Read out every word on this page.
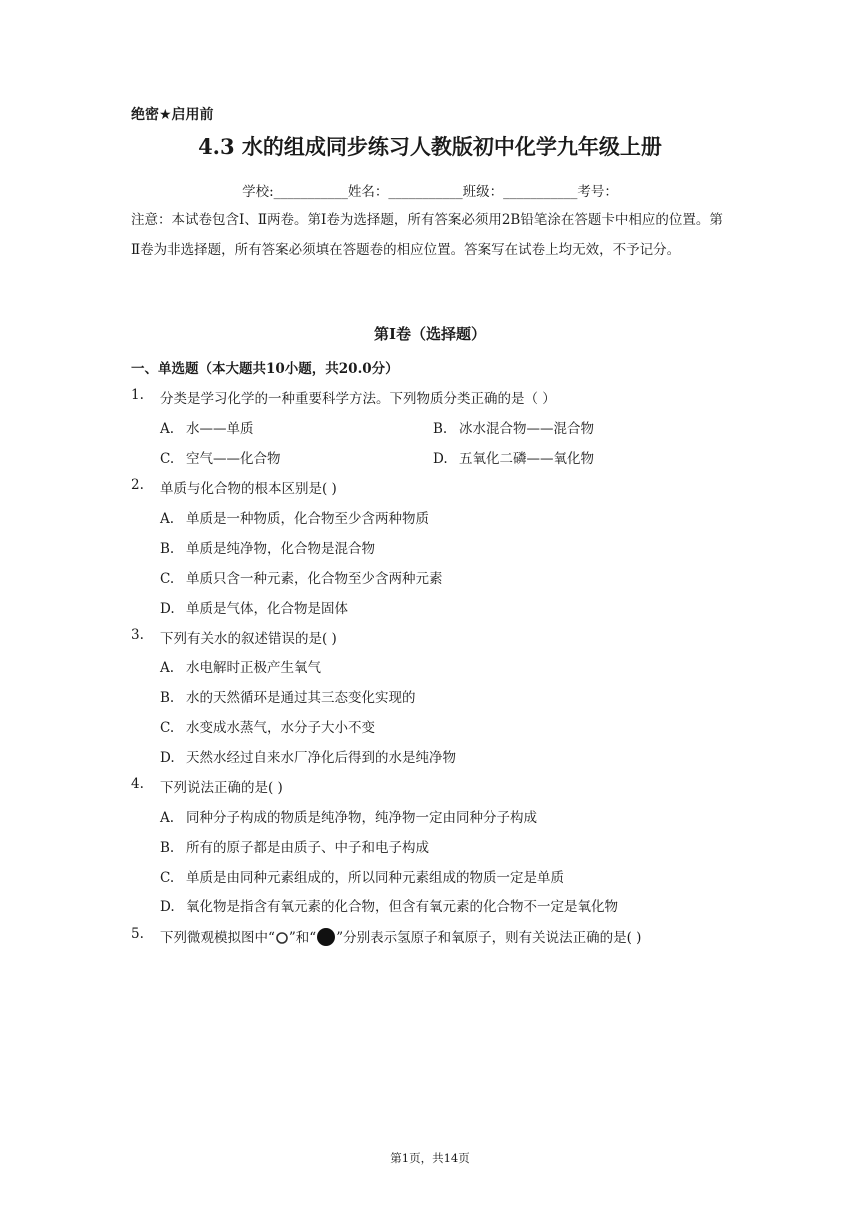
绝密★启用前
4.3 水的组成同步练习人教版初中化学九年级上册
学校:___________姓名：___________班级：___________考号：
注意：本试卷包含Ⅰ、Ⅱ两卷。第Ⅰ卷为选择题，所有答案必须用2B铅笔涂在答题卡中相应的位置。第Ⅱ卷为非选择题，所有答案必须填在答题卷的相应位置。答案写在试卷上均无效，不予记分。
第I卷（选择题）
一、单选题（本大题共10小题，共20.0分）
1. 分类是学习化学的一种重要科学方法。下列物质分类正确的是（ ）
A. 水——单质	B. 冰水混合物——混合物
C. 空气——化合物	D. 五氧化二磷——氧化物
2. 单质与化合物的根本区别是( )
A. 单质是一种物质，化合物至少含两种物质
B. 单质是纯净物，化合物是混合物
C. 单质只含一种元素，化合物至少含两种元素
D. 单质是气体，化合物是固体
3. 下列有关水的叙述错误的是( )
A. 水电解时正极产生氧气
B. 水的天然循环是通过其三态变化实现的
C. 水变成水蒸气，水分子大小不变
D. 天然水经过自来水厂净化后得到的水是纯净物
4. 下列说法正确的是( )
A. 同种分子构成的物质是纯净物，纯净物一定由同种分子构成
B. 所有的原子都是由质子、中子和电子构成
C. 单质是由同种元素组成的，所以同种元素组成的物质一定是单质
D. 氧化物是指含有氧元素的化合物，但含有氧元素的化合物不一定是氧化物
5. 下列微观模拟图中“ ”和“ ”分别表示氢原子和氧原子，则有关说法正确的是( )
第1页，共14页
